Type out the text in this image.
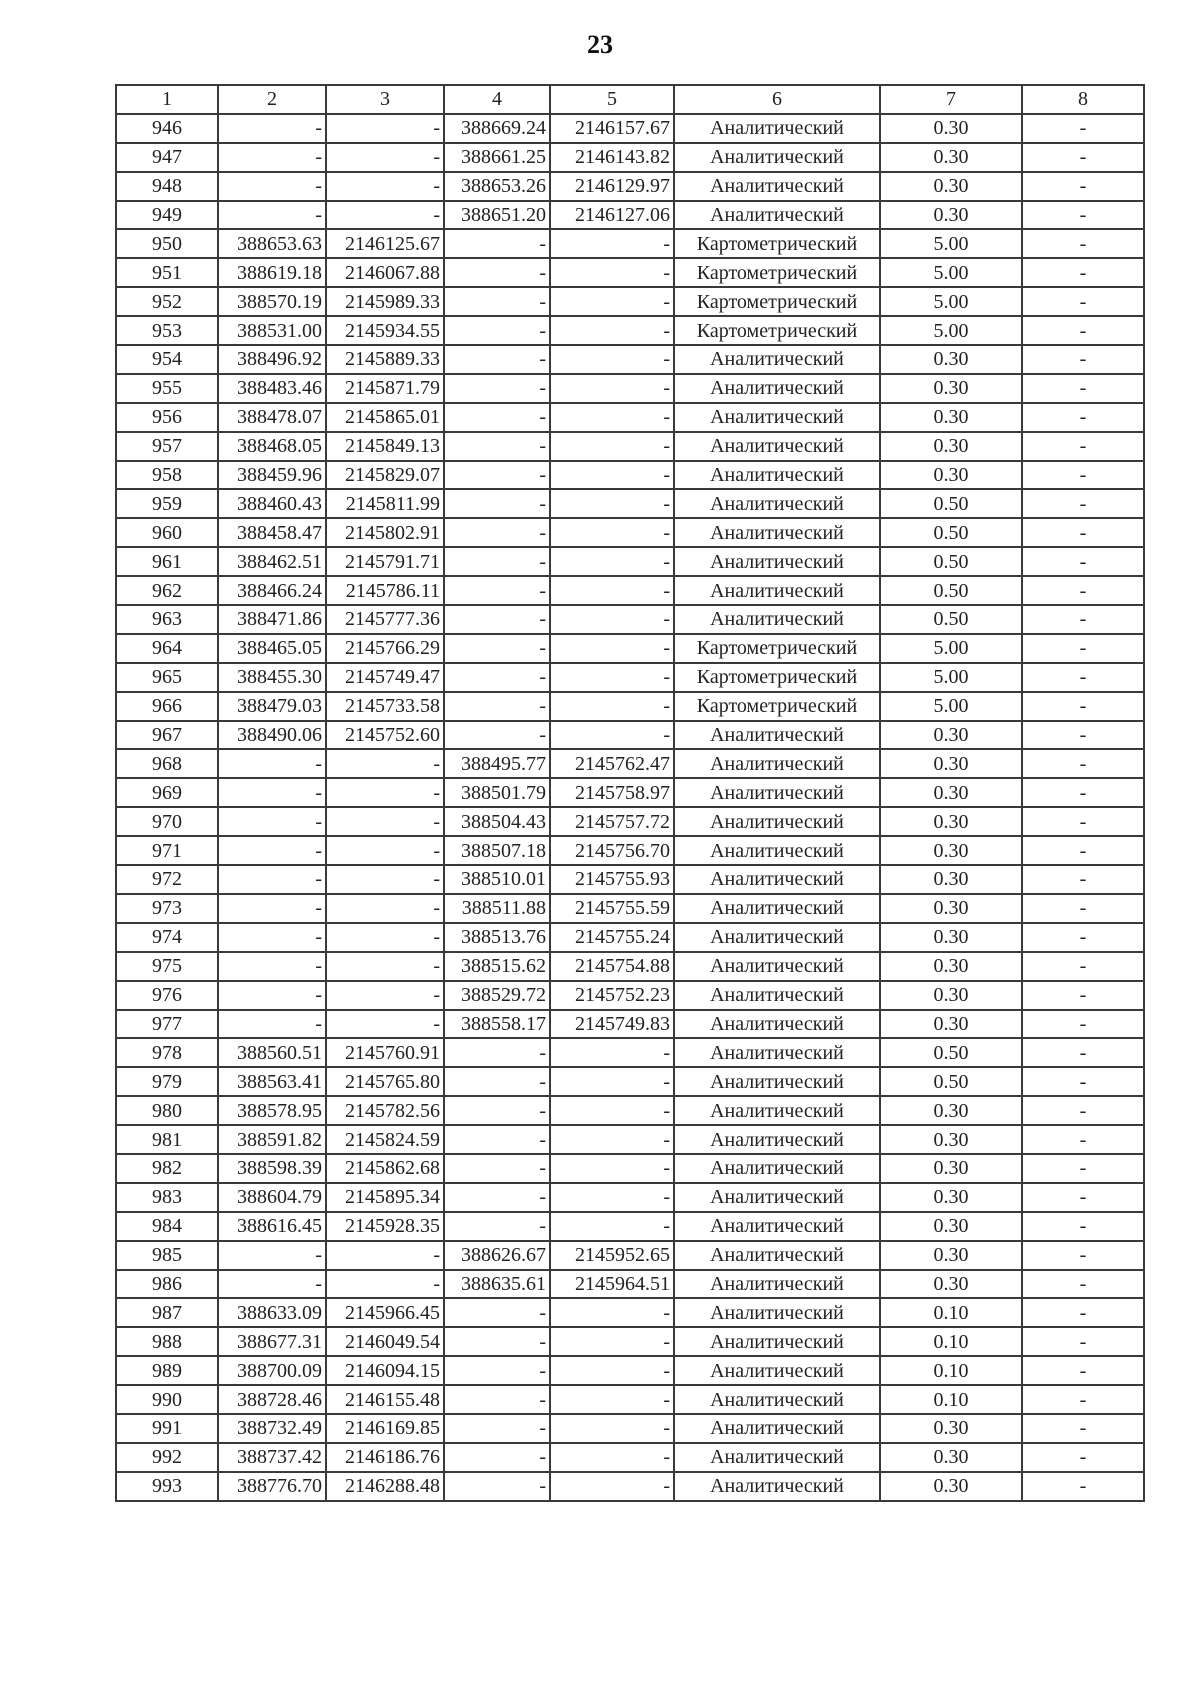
23
1	2	3	4	5	6	7	8
946	-	-	388669.24	2146157.67	Аналитический	0.30	-
947	-	-	388661.25	2146143.82	Аналитический	0.30	-
948	-	-	388653.26	2146129.97	Аналитический	0.30	-
949	-	-	388651.20	2146127.06	Аналитический	0.30	-
950	388653.63	2146125.67	-	-	Картометрический	5.00	-
951	388619.18	2146067.88	-	-	Картометрический	5.00	-
952	388570.19	2145989.33	-	-	Картометрический	5.00	-
953	388531.00	2145934.55	-	-	Картометрический	5.00	-
954	388496.92	2145889.33	-	-	Аналитический	0.30	-
955	388483.46	2145871.79	-	-	Аналитический	0.30	-
956	388478.07	2145865.01	-	-	Аналитический	0.30	-
957	388468.05	2145849.13	-	-	Аналитический	0.30	-
958	388459.96	2145829.07	-	-	Аналитический	0.30	-
959	388460.43	2145811.99	-	-	Аналитический	0.50	-
960	388458.47	2145802.91	-	-	Аналитический	0.50	-
961	388462.51	2145791.71	-	-	Аналитический	0.50	-
962	388466.24	2145786.11	-	-	Аналитический	0.50	-
963	388471.86	2145777.36	-	-	Аналитический	0.50	-
964	388465.05	2145766.29	-	-	Картометрический	5.00	-
965	388455.30	2145749.47	-	-	Картометрический	5.00	-
966	388479.03	2145733.58	-	-	Картометрический	5.00	-
967	388490.06	2145752.60	-	-	Аналитический	0.30	-
968	-	-	388495.77	2145762.47	Аналитический	0.30	-
969	-	-	388501.79	2145758.97	Аналитический	0.30	-
970	-	-	388504.43	2145757.72	Аналитический	0.30	-
971	-	-	388507.18	2145756.70	Аналитический	0.30	-
972	-	-	388510.01	2145755.93	Аналитический	0.30	-
973	-	-	388511.88	2145755.59	Аналитический	0.30	-
974	-	-	388513.76	2145755.24	Аналитический	0.30	-
975	-	-	388515.62	2145754.88	Аналитический	0.30	-
976	-	-	388529.72	2145752.23	Аналитический	0.30	-
977	-	-	388558.17	2145749.83	Аналитический	0.30	-
978	388560.51	2145760.91	-	-	Аналитический	0.50	-
979	388563.41	2145765.80	-	-	Аналитический	0.50	-
980	388578.95	2145782.56	-	-	Аналитический	0.30	-
981	388591.82	2145824.59	-	-	Аналитический	0.30	-
982	388598.39	2145862.68	-	-	Аналитический	0.30	-
983	388604.79	2145895.34	-	-	Аналитический	0.30	-
984	388616.45	2145928.35	-	-	Аналитический	0.30	-
985	-	-	388626.67	2145952.65	Аналитический	0.30	-
986	-	-	388635.61	2145964.51	Аналитический	0.30	-
987	388633.09	2145966.45	-	-	Аналитический	0.10	-
988	388677.31	2146049.54	-	-	Аналитический	0.10	-
989	388700.09	2146094.15	-	-	Аналитический	0.10	-
990	388728.46	2146155.48	-	-	Аналитический	0.10	-
991	388732.49	2146169.85	-	-	Аналитический	0.30	-
992	388737.42	2146186.76	-	-	Аналитический	0.30	-
993	388776.70	2146288.48	-	-	Аналитический	0.30	-
